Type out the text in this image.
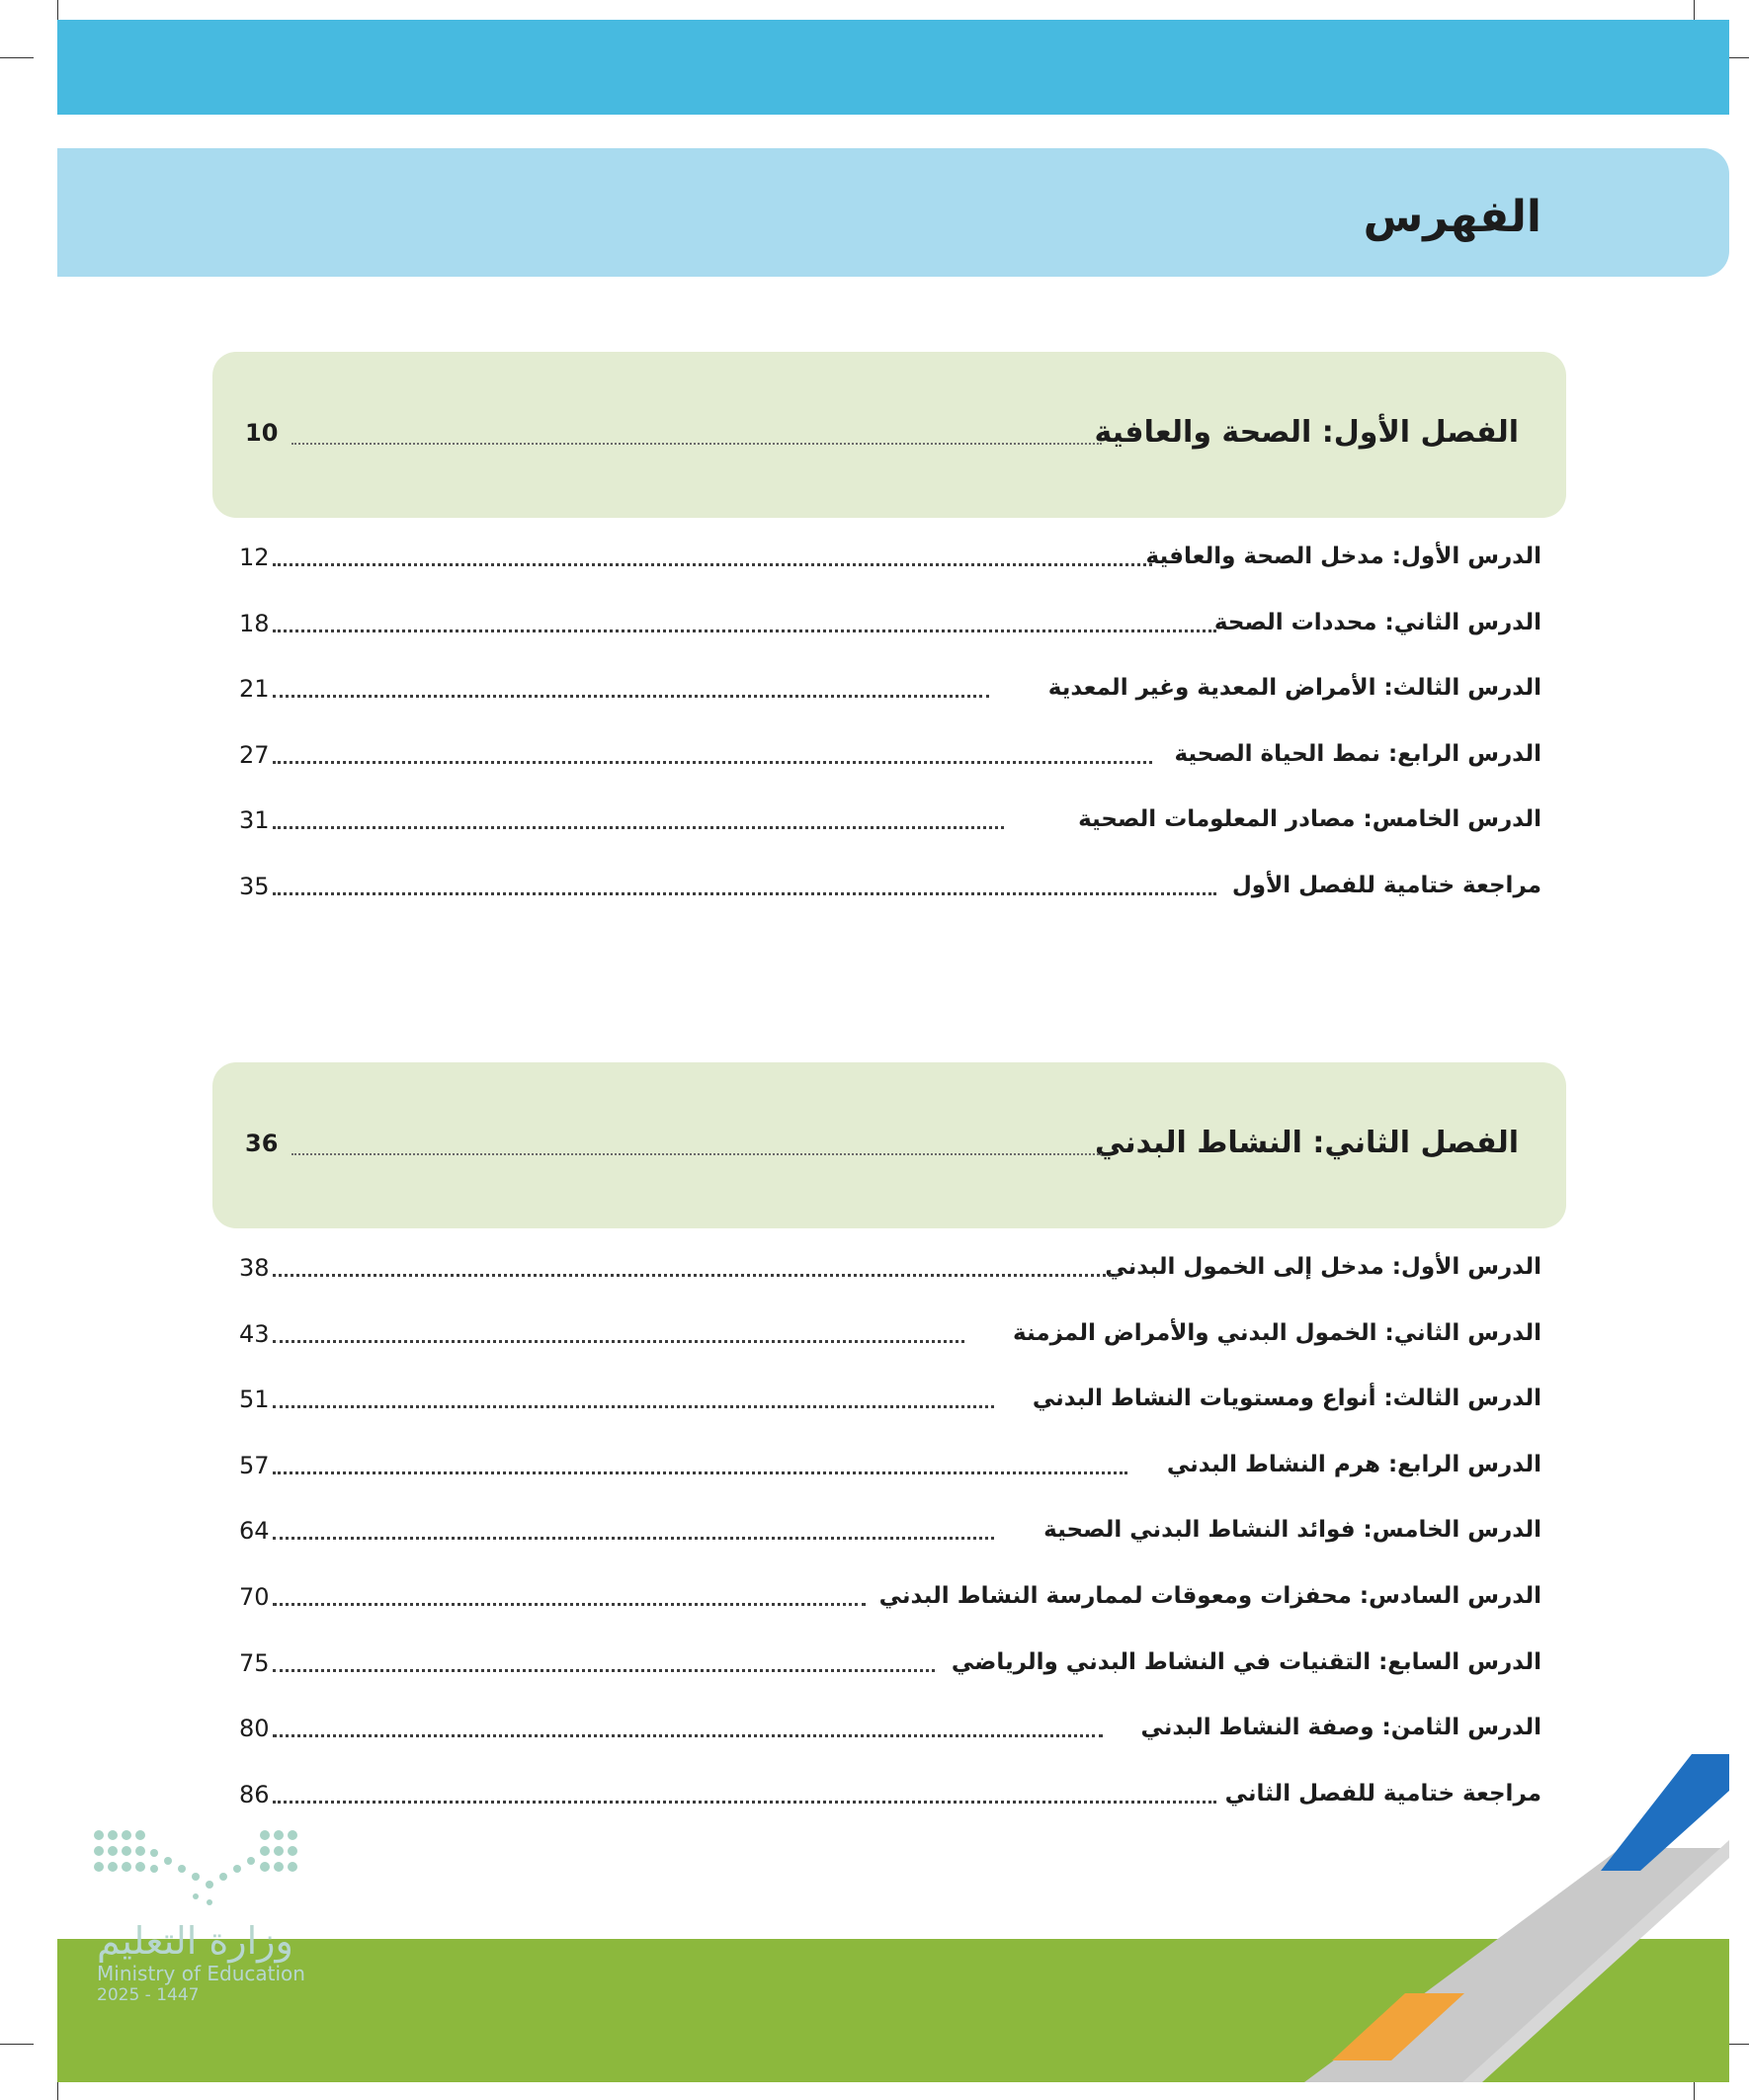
الفهرس
الفصل الأول: الصحة والعافية
10
الدرس الأول: مدخل الصحة والعافية
12
الدرس الثاني: محددات الصحة
18
الدرس الثالث: الأمراض المعدية وغير المعدية
21
الدرس الرابع: نمط الحياة الصحية
27
الدرس الخامس: مصادر المعلومات الصحية
31
مراجعة ختامية للفصل الأول
35
الفصل الثاني: النشاط البدني
36
الدرس الأول: مدخل إلى الخمول البدني
38
الدرس الثاني: الخمول البدني والأمراض المزمنة
43
الدرس الثالث: أنواع ومستويات النشاط البدني
51
الدرس الرابع: هرم النشاط البدني
57
الدرس الخامس: فوائد النشاط البدني الصحية
64
الدرس السادس: محفزات ومعوقات لممارسة النشاط البدني
70
الدرس السابع: التقنيات في النشاط البدني والرياضي
75
الدرس الثامن: وصفة النشاط البدني
80
مراجعة ختامية للفصل الثاني
86
وزارة التعليم
Ministry of Education
2025 - 1447
